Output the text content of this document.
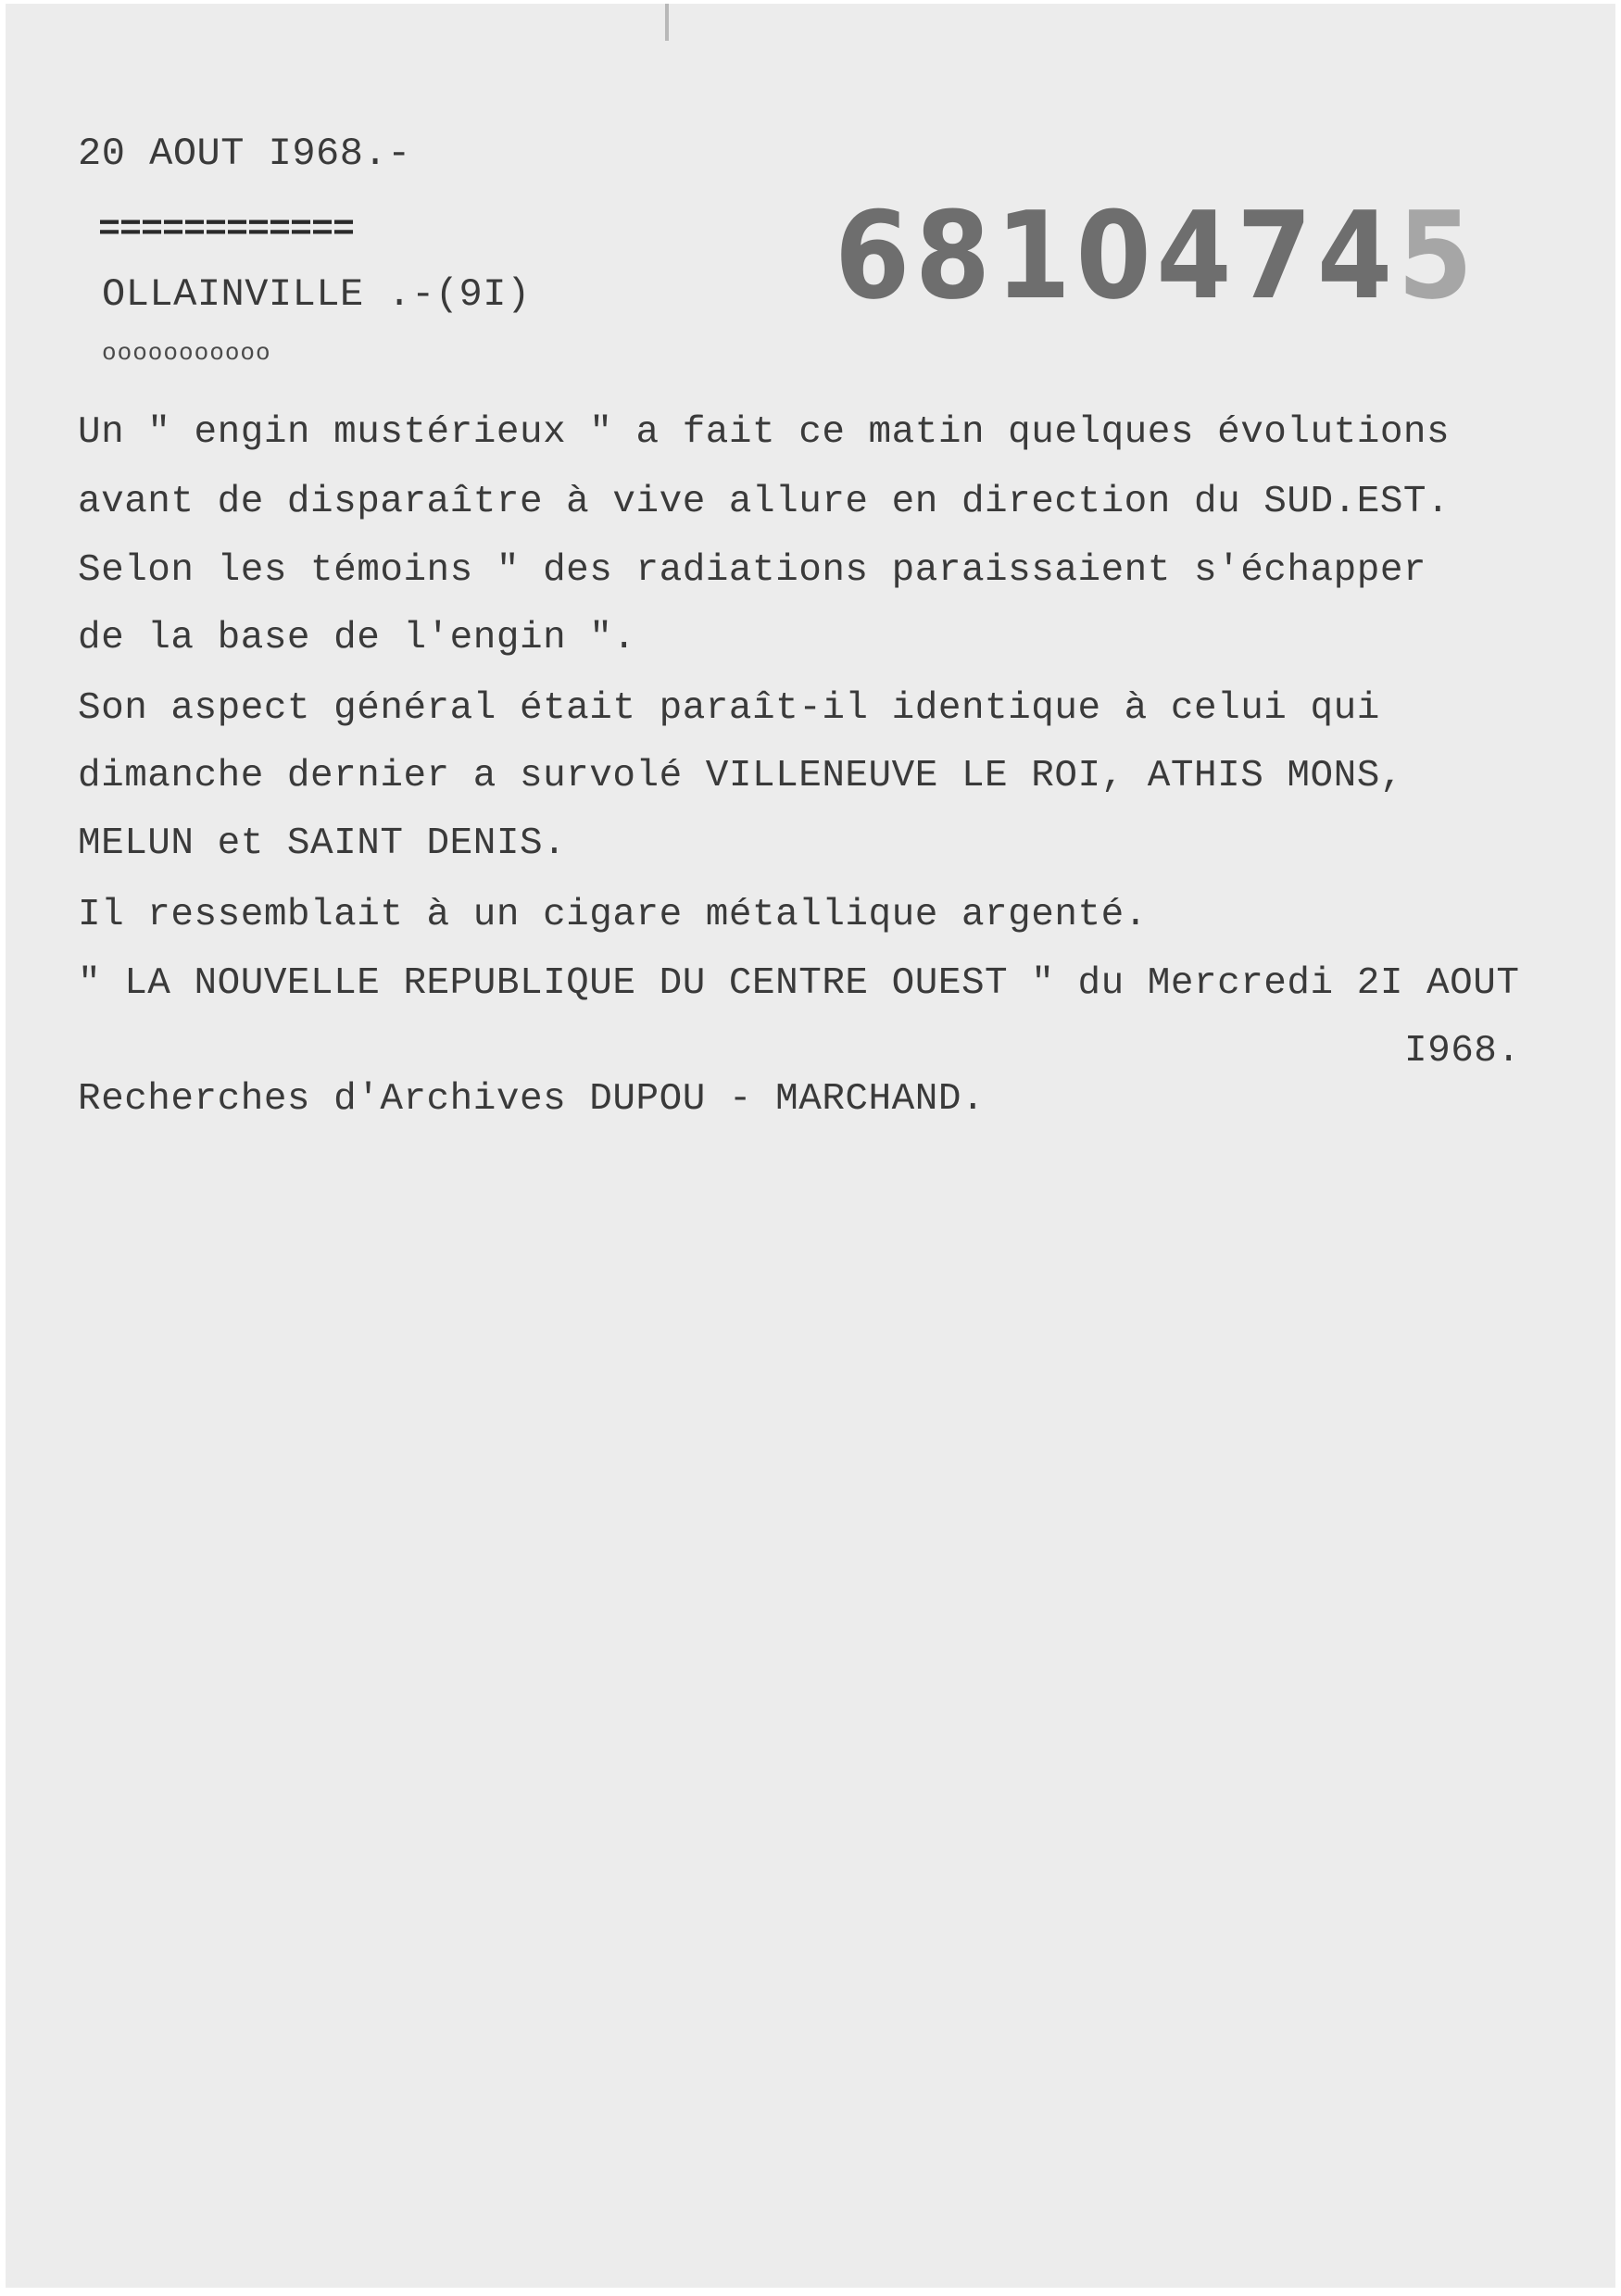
20 AOUT I968.-
============
OLLAINVILLE .-(9I)
ooooooooooo
68104745
Un " engin mustérieux " a fait ce matin quelques évolutions
avant de disparaître à vive allure en direction du SUD.EST.
Selon les témoins " des radiations paraissaient s'échapper
de la base de l'engin ".
Son aspect général était paraît-il identique à celui qui
dimanche dernier a survolé VILLENEUVE LE ROI, ATHIS MONS,
MELUN et SAINT DENIS.
Il ressemblait à un cigare métallique argenté.
" LA NOUVELLE REPUBLIQUE DU CENTRE OUEST " du Mercredi 2I AOUT
I968.
Recherches d'Archives DUPOU - MARCHAND.
